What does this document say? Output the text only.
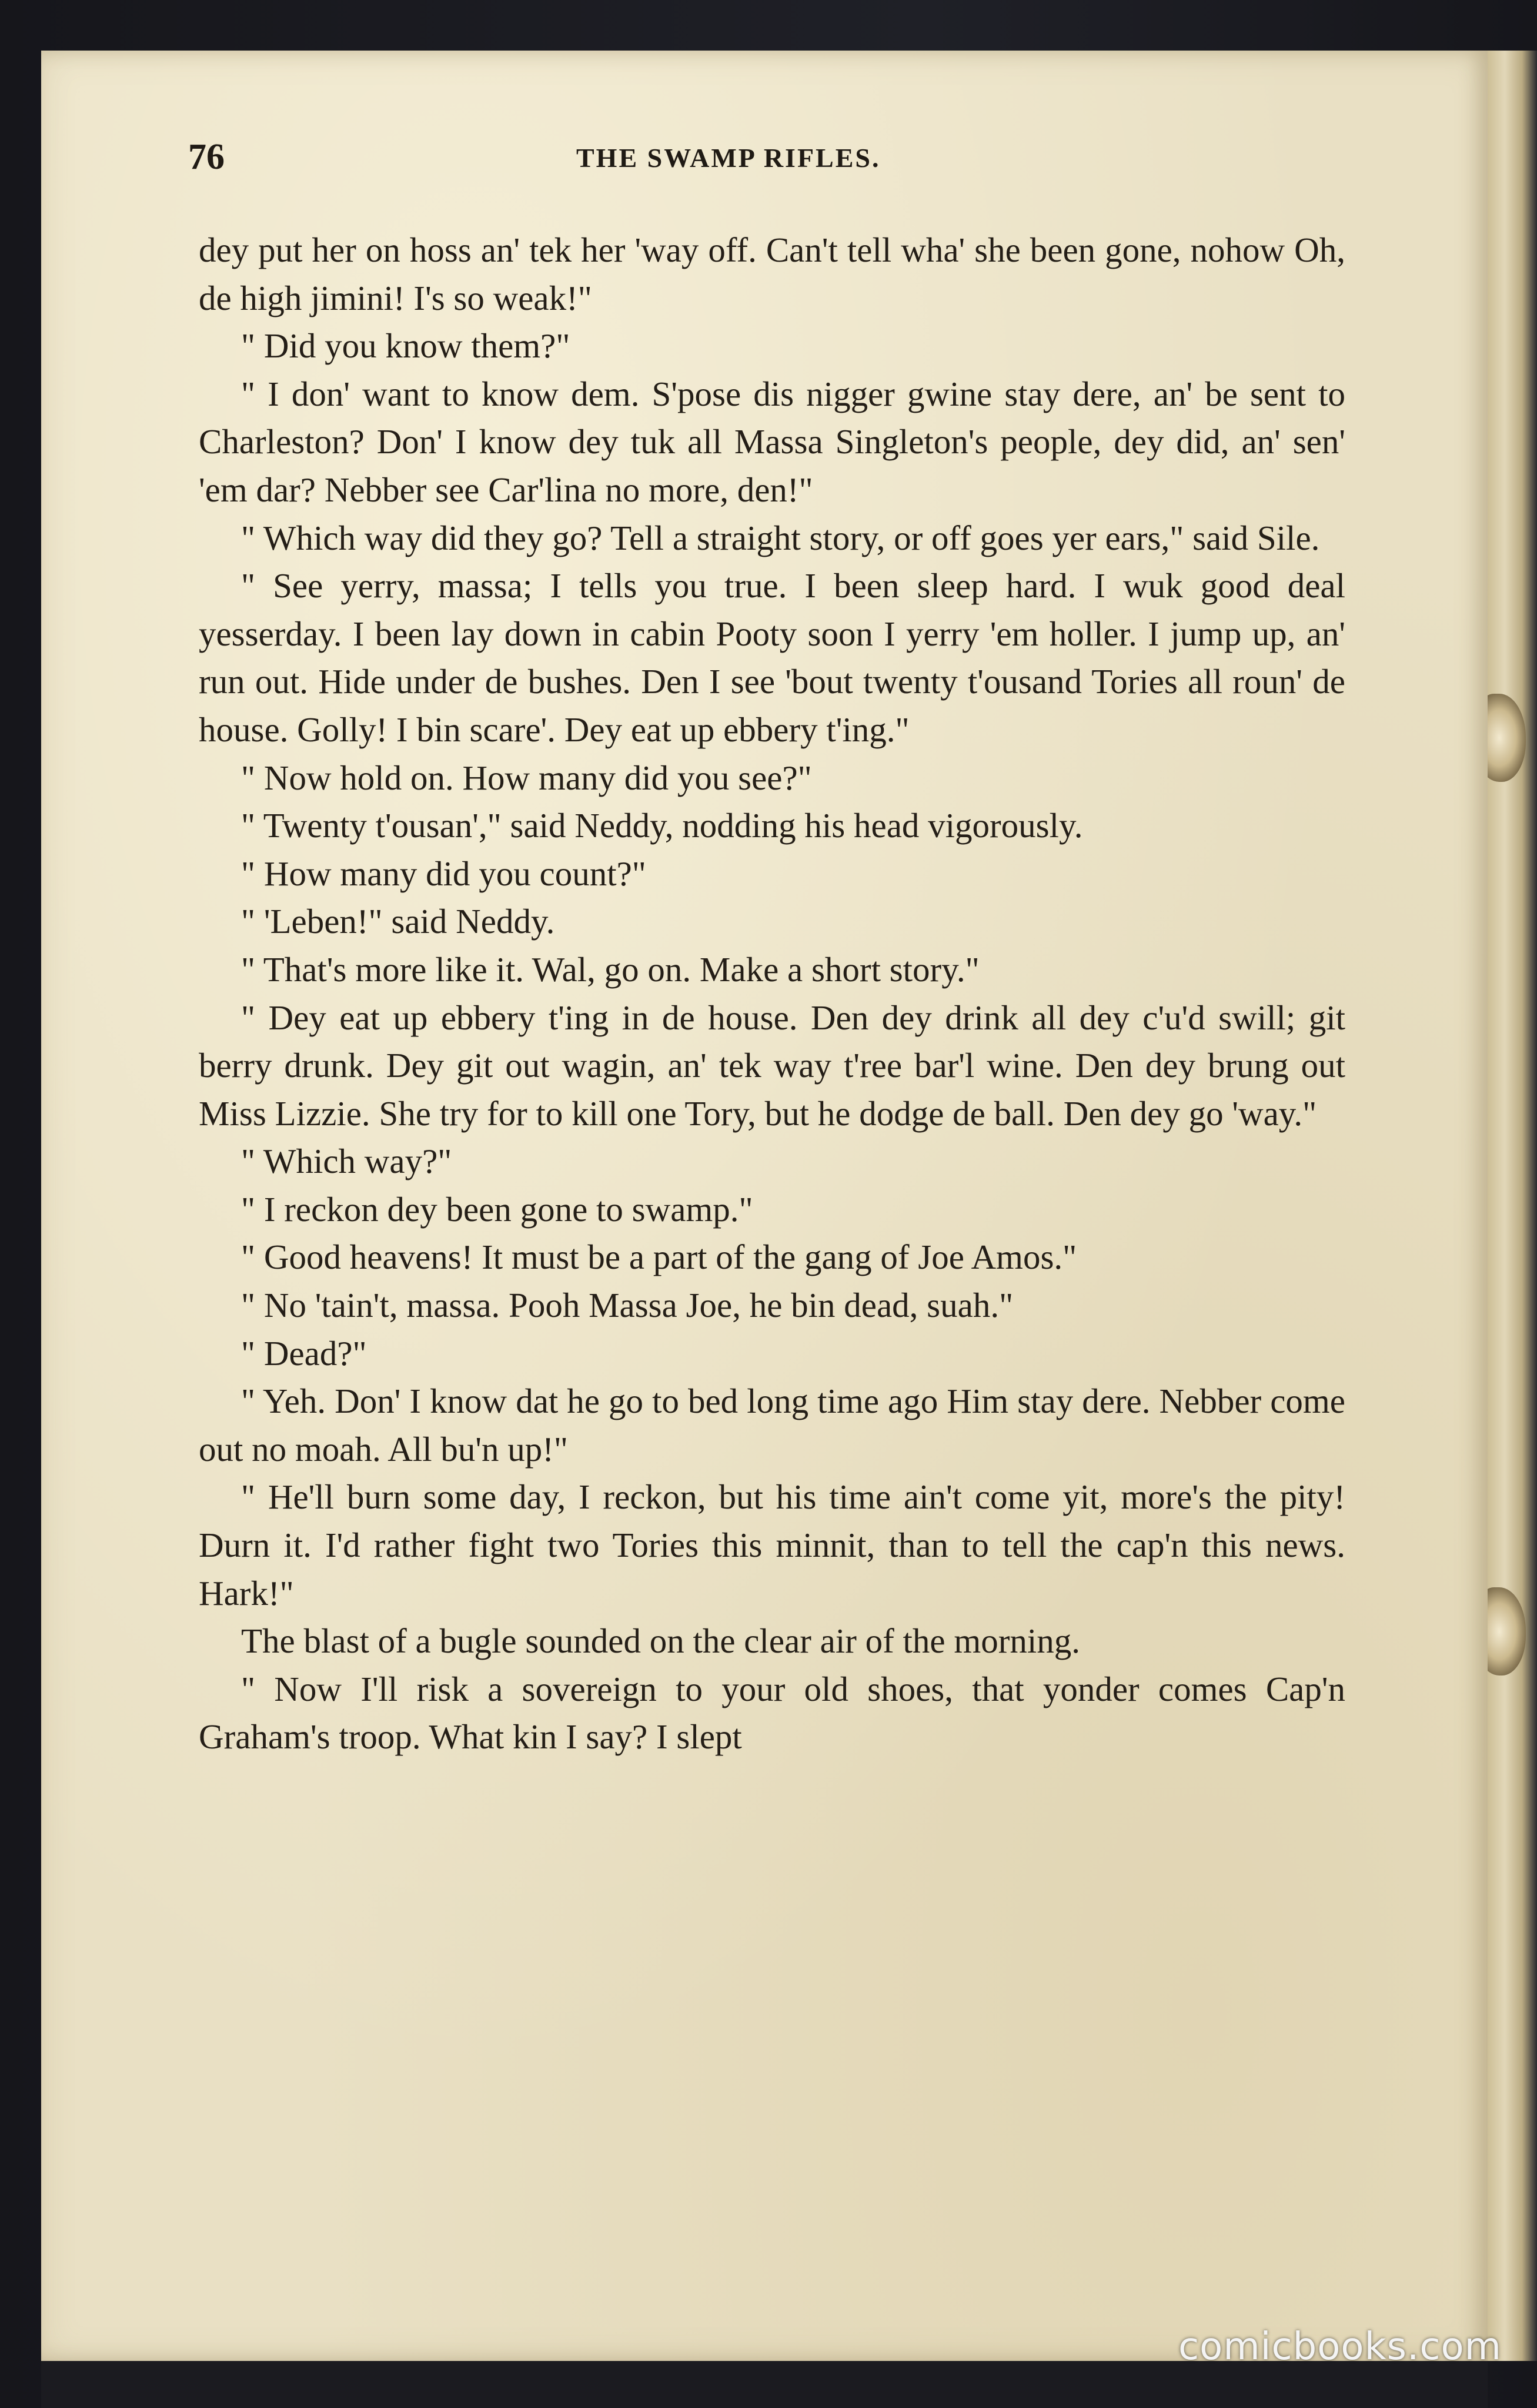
76	THE SWAMP RIFLES.

dey put her on hoss an' tek her 'way off. Can't tell wha' she been gone, nohow Oh, de high jimini! I's so weak!"

" Did you know them?"

" I don' want to know dem. S'pose dis nigger gwine stay dere, an' be sent to Charleston? Don' I know dey tuk all Massa Singleton's people, dey did, an' sen' 'em dar? Nebber see Car'lina no more, den!"

" Which way did they go? Tell a straight story, or off goes yer ears," said Sile.

" See yerry, massa; I tells you true. I been sleep hard. I wuk good deal yesserday. I been lay down in cabin Pooty soon I yerry 'em holler. I jump up, an' run out. Hide under de bushes. Den I see 'bout twenty t'ousand Tories all roun' de house. Golly! I bin scare'. Dey eat up ebbery t'ing."

" Now hold on. How many did you see?"

" Twenty t'ousan'," said Neddy, nodding his head vigorously.

" How many did you count?"

" 'Leben!" said Neddy.

" That's more like it. Wal, go on. Make a short story."

" Dey eat up ebbery t'ing in de house. Den dey drink all dey c'u'd swill; git berry drunk. Dey git out wagin, an' tek way t'ree bar'l wine. Den dey brung out Miss Lizzie. She try for to kill one Tory, but he dodge de ball. Den dey go 'way."

" Which way?"

" I reckon dey been gone to swamp."

" Good heavens! It must be a part of the gang of Joe Amos."

" No 'tain't, massa. Pooh Massa Joe, he bin dead, suah."

" Dead?"

" Yeh. Don' I know dat he go to bed long time ago Him stay dere. Nebber come out no moah. All bu'n up!"

" He'll burn some day, I reckon, but his time ain't come yit, more's the pity! Durn it. I'd rather fight two Tories this minnit, than to tell the cap'n this news. Hark!"

The blast of a bugle sounded on the clear air of the morning.

" Now I'll risk a sovereign to your old shoes, that yonder comes Cap'n Graham's troop. What kin I say? I slept

comicbooks.com
